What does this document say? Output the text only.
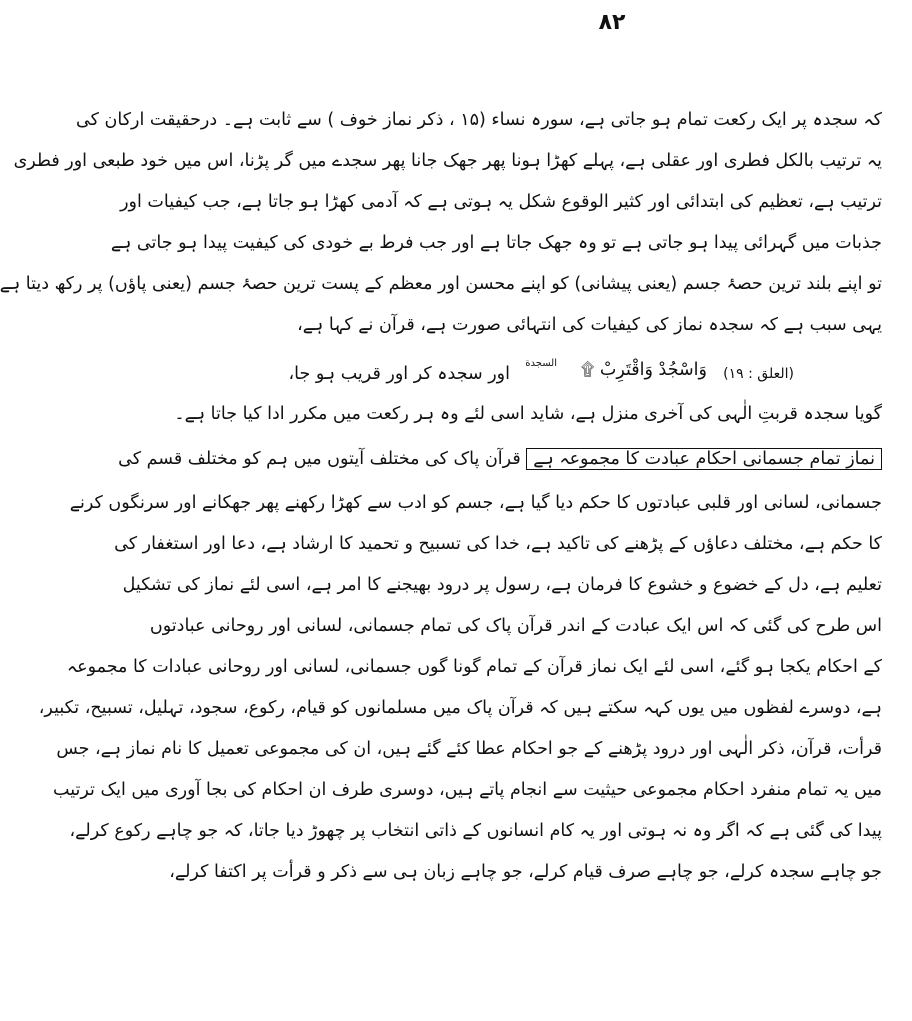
۸۲
کہ سجدہ پر ایک رکعت تمام ہو جاتی ہے، سورہ نساء (۱۵ ، ذکر نماز خوف ) سے ثابت ہے۔ درحقیقت ارکان کی
یہ ترتیب بالکل فطری اور عقلی ہے، پہلے کھڑا ہونا پھر جھک جانا پھر سجدے میں گر پڑنا، اس میں خود طبعی اور فطری
ترتیب ہے، تعظیم کی ابتدائی اور کثیر الوقوع شکل یہ ہوتی ہے کہ آدمی کھڑا ہو جاتا ہے، جب کیفیات اور
جذبات میں گہرائی پیدا ہو جاتی ہے تو وہ جھک جاتا ہے اور جب فرط بے خودی کی کیفیت پیدا ہو جاتی ہے
تو اپنے بلند ترین حصۂ جسم (یعنی پیشانی) کو اپنے محسن اور معظم کے پست ترین حصۂ جسم (یعنی پاؤں) پر رکھ دیتا ہے
یہی سبب ہے کہ سجدہ نماز کی کیفیات کی انتہائی صورت ہے، قرآن نے کہا ہے،
السجدة وَاسْجُدْ وَاقْتَرِبْ ۩ (العلق : ۱۹)
اور سجدہ کر اور قریب ہو جا،
گویا سجدہ قربتِ الٰہی کی آخری منزل ہے، شاید اسی لئے وہ ہر رکعت میں مکرر ادا کیا جاتا ہے۔
نماز تمام جسمانی احکام عبادت کا مجموعہ ہے قرآن پاک کی مختلف آیتوں میں ہم کو مختلف قسم کی
جسمانی، لسانی اور قلبی عبادتوں کا حکم دیا گیا ہے، جسم کو ادب سے کھڑا رکھنے پھر جھکانے اور سرنگوں کرنے
کا حکم ہے، مختلف دعاؤں کے پڑھنے کی تاکید ہے، خدا کی تسبیح و تحمید کا ارشاد ہے، دعا اور استغفار کی
تعلیم ہے، دل کے خضوع و خشوع کا فرمان ہے، رسول پر درود بھیجنے کا امر ہے، اسی لئے نماز کی تشکیل
اس طرح کی گئی کہ اس ایک عبادت کے اندر قرآن پاک کی تمام جسمانی، لسانی اور روحانی عبادتوں
کے احکام یکجا ہو گئے، اسی لئے ایک نماز قرآن کے تمام گونا گوں جسمانی، لسانی اور روحانی عبادات کا مجموعہ
ہے، دوسرے لفظوں میں یوں کہہ سکتے ہیں کہ قرآن پاک میں مسلمانوں کو قیام، رکوع، سجود، تہلیل، تسبیح، تکبیر،
قرأت، قرآن، ذکر الٰہی اور درود پڑھنے کے جو احکام عطا کئے گئے ہیں، ان کی مجموعی تعمیل کا نام نماز ہے، جس
میں یہ تمام منفرد احکام مجموعی حیثیت سے انجام پاتے ہیں، دوسری طرف ان احکام کی بجا آوری میں ایک ترتیب
پیدا کی گئی ہے کہ اگر وہ نہ ہوتی اور یہ کام انسانوں کے ذاتی انتخاب پر چھوڑ دیا جاتا، کہ جو چاہے رکوع کرلے،
جو چاہے سجدہ کرلے، جو چاہے صرف قیام کرلے، جو چاہے زبان ہی سے ذکر و قرأت پر اکتفا کرلے،
